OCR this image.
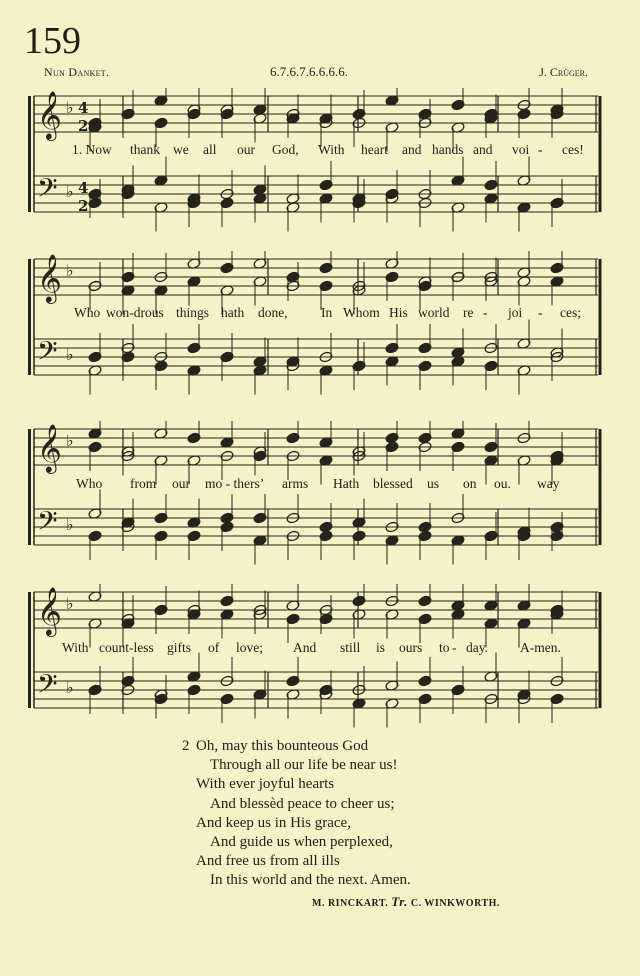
159
Nun Danket.	6.7.6.7.6.6.6.6.	J. Crüger.
𝄞
𝄢
♭ 4
2
♭ 4
2
𝄞
𝄢
♭
♭
𝄞
𝄢
♭
♭
𝄞
𝄢
♭
♭
1. Now thank we all our God, With heart and hands and voi - ces!
Who won-drous things hath done, In Whom His world re - joi - ces;
Who from our mo - thers’ arms Hath blessed us on ou. way
With count-less gifts of love; And still is ours to - day. A-men.
2 Oh, may this bounteous God
Through all our life be near us!
With ever joyful hearts
And blessèd peace to cheer us;
And keep us in His grace,
And guide us when perplexed,
And free us from all ills
In this world and the next. Amen.
M. RINCKART. Tr. C. WINKWORTH.
